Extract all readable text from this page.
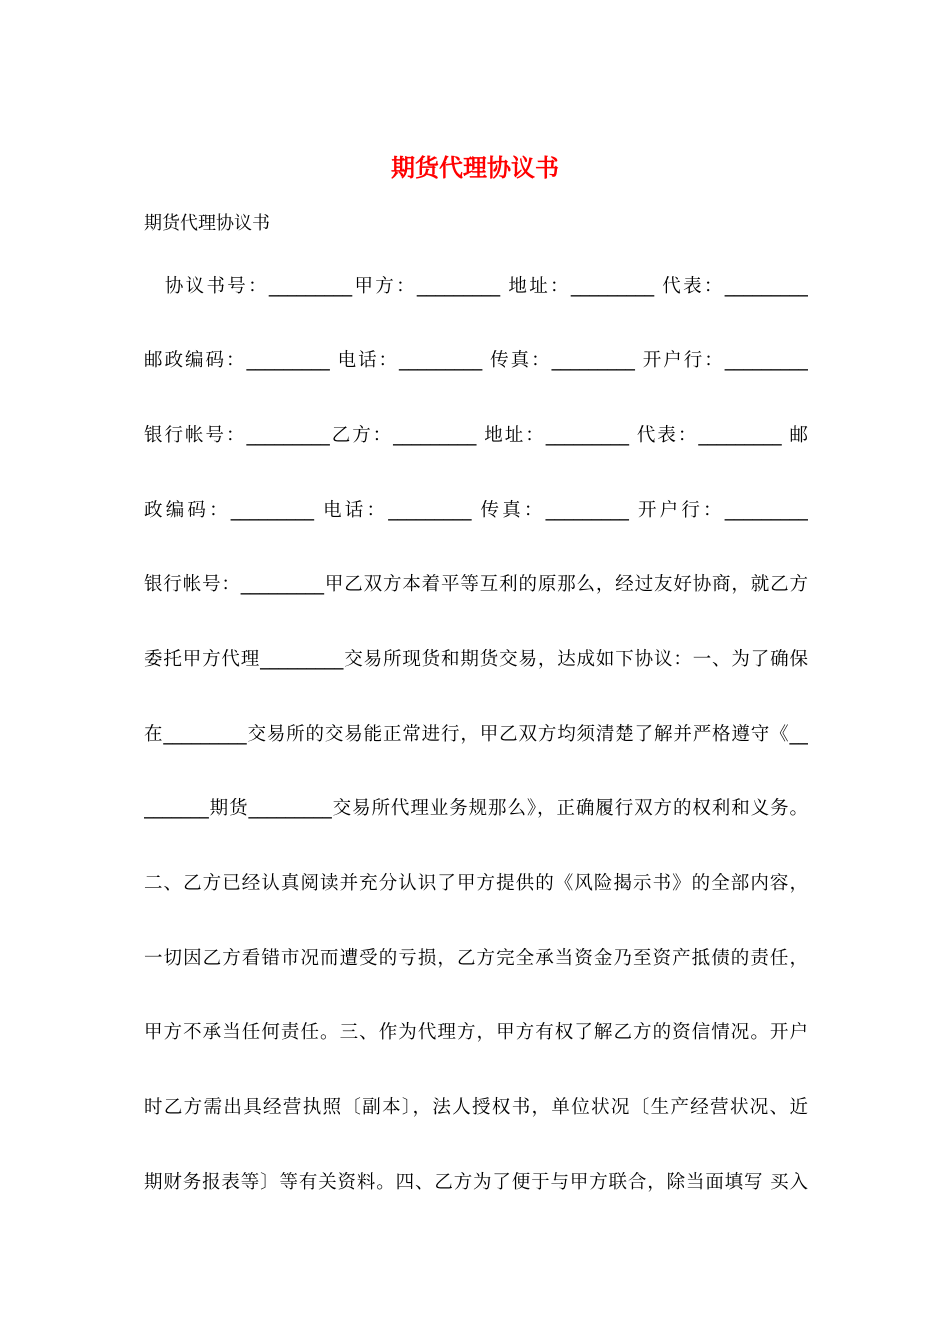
期货代理协议书

期货代理协议书

　协议书号：_________甲方：_________ 地址：_________ 代表：_________
邮政编码：_________ 电话：_________ 传真：_________ 开户行：_________
银行帐号：_________乙方：_________ 地址：_________ 代表：_________ 邮
政编码：_________ 电话：_________ 传真：_________ 开户行：_________
银行帐号：_________甲乙双方本着平等互利的原那么，经过友好协商，就乙方
委托甲方代理_________交易所现货和期货交易，达成如下协议：一、为了确保
在_________交易所的交易能正常进行，甲乙双方均须清楚了解并严格遵守《__
_______期货_________交易所代理业务规那么》，正确履行双方的权利和义务。
二、乙方已经认真阅读并充分认识了甲方提供的《风险揭示书》的全部内容，
一切因乙方看错市况而遭受的亏损，乙方完全承当资金乃至资产抵债的责任，
甲方不承当任何责任。三、作为代理方，甲方有权了解乙方的资信情况。开户
时乙方需出具经营执照〔副本〕，法人授权书，单位状况〔生产经营状况、近
期财务报表等〕等有关资料。四、乙方为了便于与甲方联合，除当面填写 买入
